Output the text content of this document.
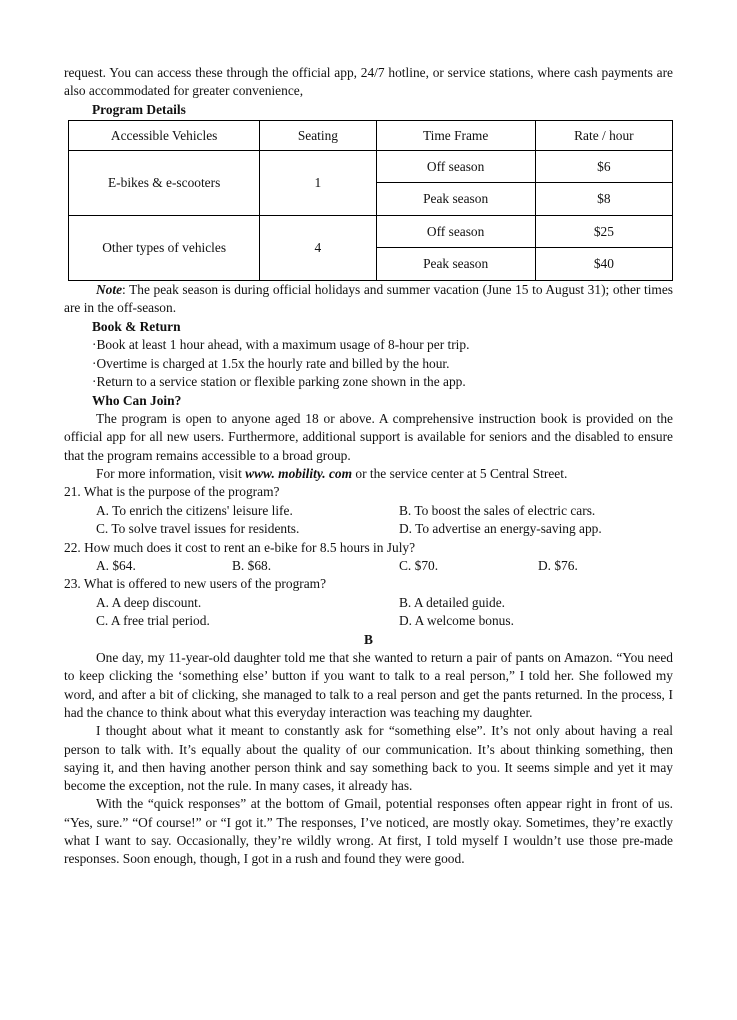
request. You can access these through the official app, 24/7 hotline, or service stations, where cash payments are also accommodated for greater convenience,

Program Details

Accessible Vehicles	Seating	Time Frame	Rate / hour
E-bikes & e-scooters	1	Off season	$6
		Peak season	$8
Other types of vehicles	4	Off season	$25
		Peak season	$40

Note: The peak season is during official holidays and summer vacation (June 15 to August 31); other times are in the off-season.

Book & Return

·Book at least 1 hour ahead, with a maximum usage of 8-hour per trip.

·Overtime is charged at 1.5x the hourly rate and billed by the hour.

·Return to a service station or flexible parking zone shown in the app.

Who Can Join?

The program is open to anyone aged 18 or above. A comprehensive instruction book is provided on the official app for all new users. Furthermore, additional support is available for seniors and the disabled to ensure that the program remains accessible to a broad group.

For more information, visit www. mobility. com or the service center at 5 Central Street.

21. What is the purpose of the program?

A. To enrich the citizens' leisure life.	B. To boost the sales of electric cars.
C. To solve travel issues for residents.	D. To advertise an energy-saving app.

22. How much does it cost to rent an e-bike for 8.5 hours in July?

A. $64.	B. $68.	C. $70.	D. $76.

23. What is offered to new users of the program?

A. A deep discount.	B. A detailed guide.
C. A free trial period.	D. A welcome bonus.

B

One day, my 11-year-old daughter told me that she wanted to return a pair of pants on Amazon. “You need to keep clicking the ‘something else’ button if you want to talk to a real person,” I told her. She followed my word, and after a bit of clicking, she managed to talk to a real person and get the pants returned. In the process, I had the chance to think about what this everyday interaction was teaching my daughter.

I thought about what it meant to constantly ask for “something else”. It’s not only about having a real person to talk with. It’s equally about the quality of our communication. It’s about thinking something, then saying it, and then having another person think and say something back to you. It seems simple and yet it may become the exception, not the rule. In many cases, it already has.

With the “quick responses” at the bottom of Gmail, potential responses often appear right in front of us. “Yes, sure.” “Of course!” or “I got it.” The responses, I’ve noticed, are mostly okay. Sometimes, they’re exactly what I want to say. Occasionally, they’re wildly wrong. At first, I told myself I wouldn’t use those pre-made responses. Soon enough, though, I got in a rush and found they were good.
